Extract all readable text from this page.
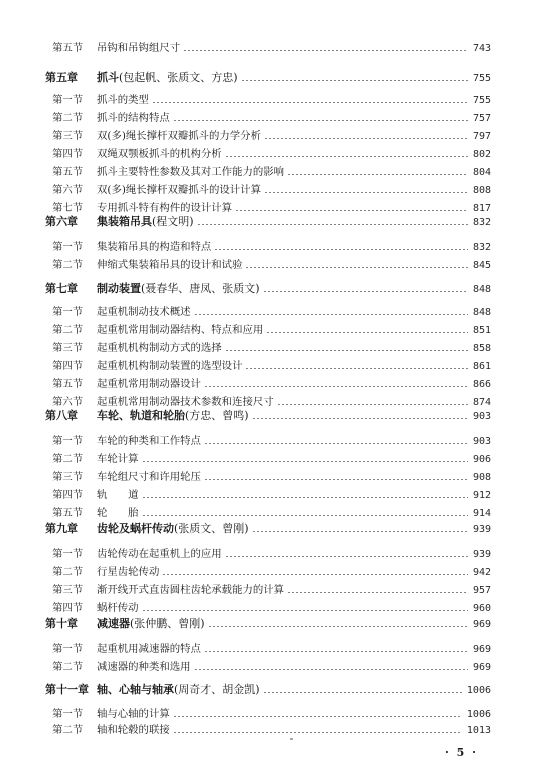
第五节	吊钩和吊钩组尺寸	743
第五章	抓斗 (包起帆、张质文、方忠)	755
第一节	抓斗的类型	755
第二节	抓斗的结构特点	757
第三节	双(多)绳长撑杆双瓣抓斗的力学分析	797
第四节	双绳双颚板抓斗的机构分析	802
第五节	抓斗主要特性参数及其对工作能力的影响	804
第六节	双(多)绳长撑杆双瓣抓斗的设计计算	808
第七节	专用抓斗特有构件的设计计算	817
第六章	集装箱吊具 (程文明)	832
第一节	集装箱吊具的构造和特点	832
第二节	伸缩式集装箱吊具的设计和试验	845
第七章	制动装置 (聂春华、唐凤、张质文)	848
第一节	起重机制动技术概述	848
第二节	起重机常用制动器结构、特点和应用	851
第三节	起重机机构制动方式的选择	858
第四节	起重机机构制动装置的选型设计	861
第五节	起重机常用制动器设计	866
第六节	起重机常用制动器技术参数和连接尺寸	874
第八章	车轮、轨道和轮胎 (方忠、曾鸣)	903
第一节	车轮的种类和工作特点	903
第二节	车轮计算	906
第三节	车轮组尺寸和许用轮压	908
第四节	轨　　道	912
第五节	轮　　胎	914
第九章	齿轮及蜗杆传动 (张质文、曾刚)	939
第一节	齿轮传动在起重机上的应用	939
第二节	行星齿轮传动	942
第三节	渐开线开式直齿圆柱齿轮承载能力的计算	957
第四节	蜗杆传动	960
第十章	减速器 (张仲鹏、曾刚)	969
第一节	起重机用减速器的特点	969
第二节	减速器的种类和选用	969
第十一章 轴、心轴与轴承 (周奇才、胡金凯)	1006
第一节	轴与心轴的计算	1006
第二节	轴和轮毂的联接	1013
· 5 ·
